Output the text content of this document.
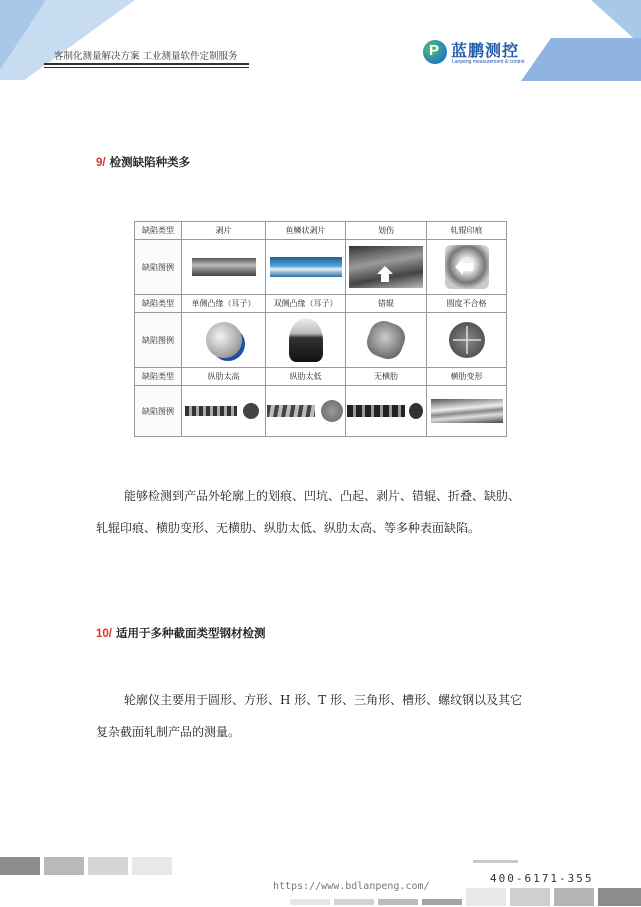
客制化测量解决方案 工业测量软件定制服务	P 蓝鹏测控
Lanpeng measurement & control
9/ 检测缺陷种类多
缺陷类型	剥片	鱼鳞状剥片	划伤	轧辊印痕
缺陷图例	

缺陷类型	单侧凸缘（耳子）	双侧凸缘（耳子）	错辊	圆度不合格
缺陷图例	

缺陷类型	纵肋太高	纵肋太低	无横肋	横肋变形
缺陷图例	

能够检测到产品外轮廓上的划痕、凹坑、凸起、剥片、错辊、折叠、缺肋、

轧辊印痕、横肋变形、无横肋、纵肋太低、纵肋太高、等多种表面缺陷。

10/ 适用于多种截面类型钢材检测

轮廓仪主要用于圆形、方形、H 形、T 形、三角形、槽形、螺纹钢以及其它

复杂截面轧制产品的测量。

https://www.bdlanpeng.com/
400-6171-355
